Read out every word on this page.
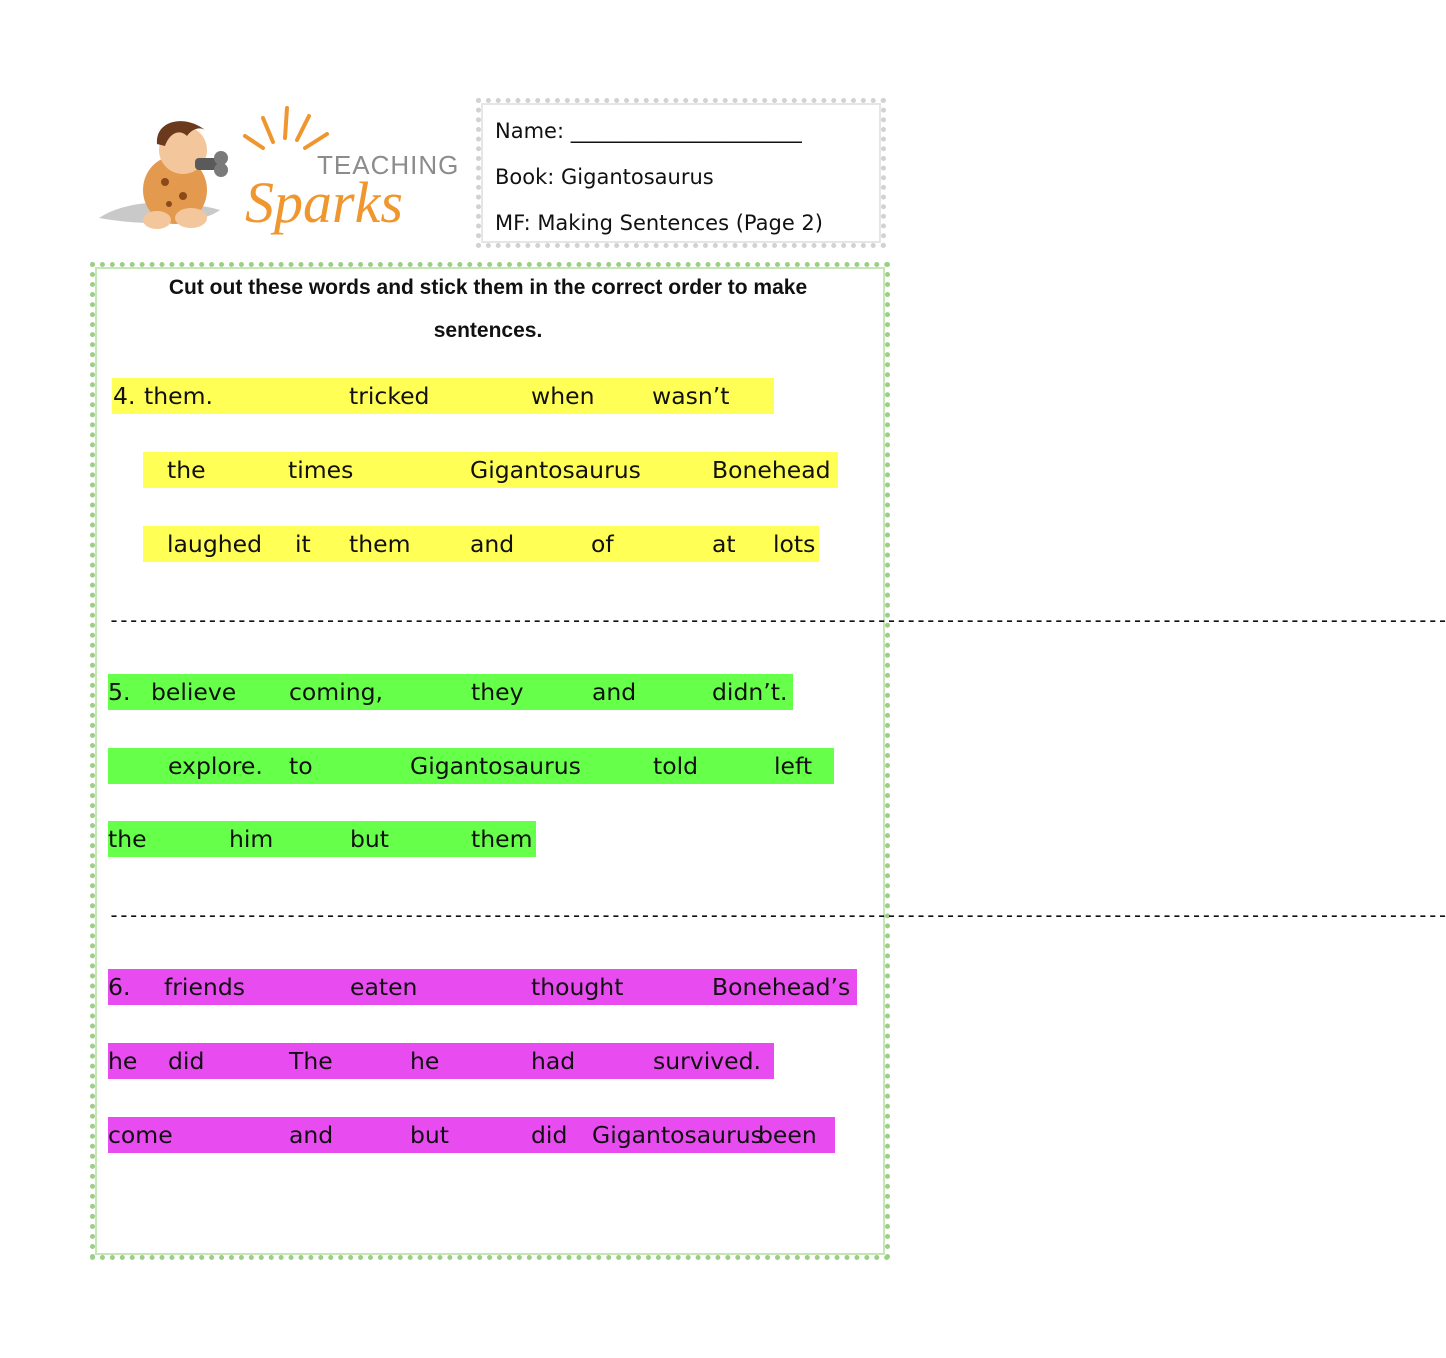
TEACHING
Sparks
Name: ______________________
Book: Gigantosaurus
MF: Making Sentences (Page 2)
Cut out these words and stick them in the correct order to make
sentences.
4. them.	tricked	when wasn’t
the	times	Gigantosaurus	Bonehead
laughed it them	and	of	at lots
----------------------------------------------------------------------------------------------------------------------------------------
5. believe coming,	they	and	didn’t.
explore. to	Gigantosaurus	told	left
the	him	but	them
----------------------------------------------------------------------------------------------------------------------------------------
6. friends	eaten	thought	Bonehead’s
he did	The	he	had	survived.
come	and	but	did Gigantosaurus
been
